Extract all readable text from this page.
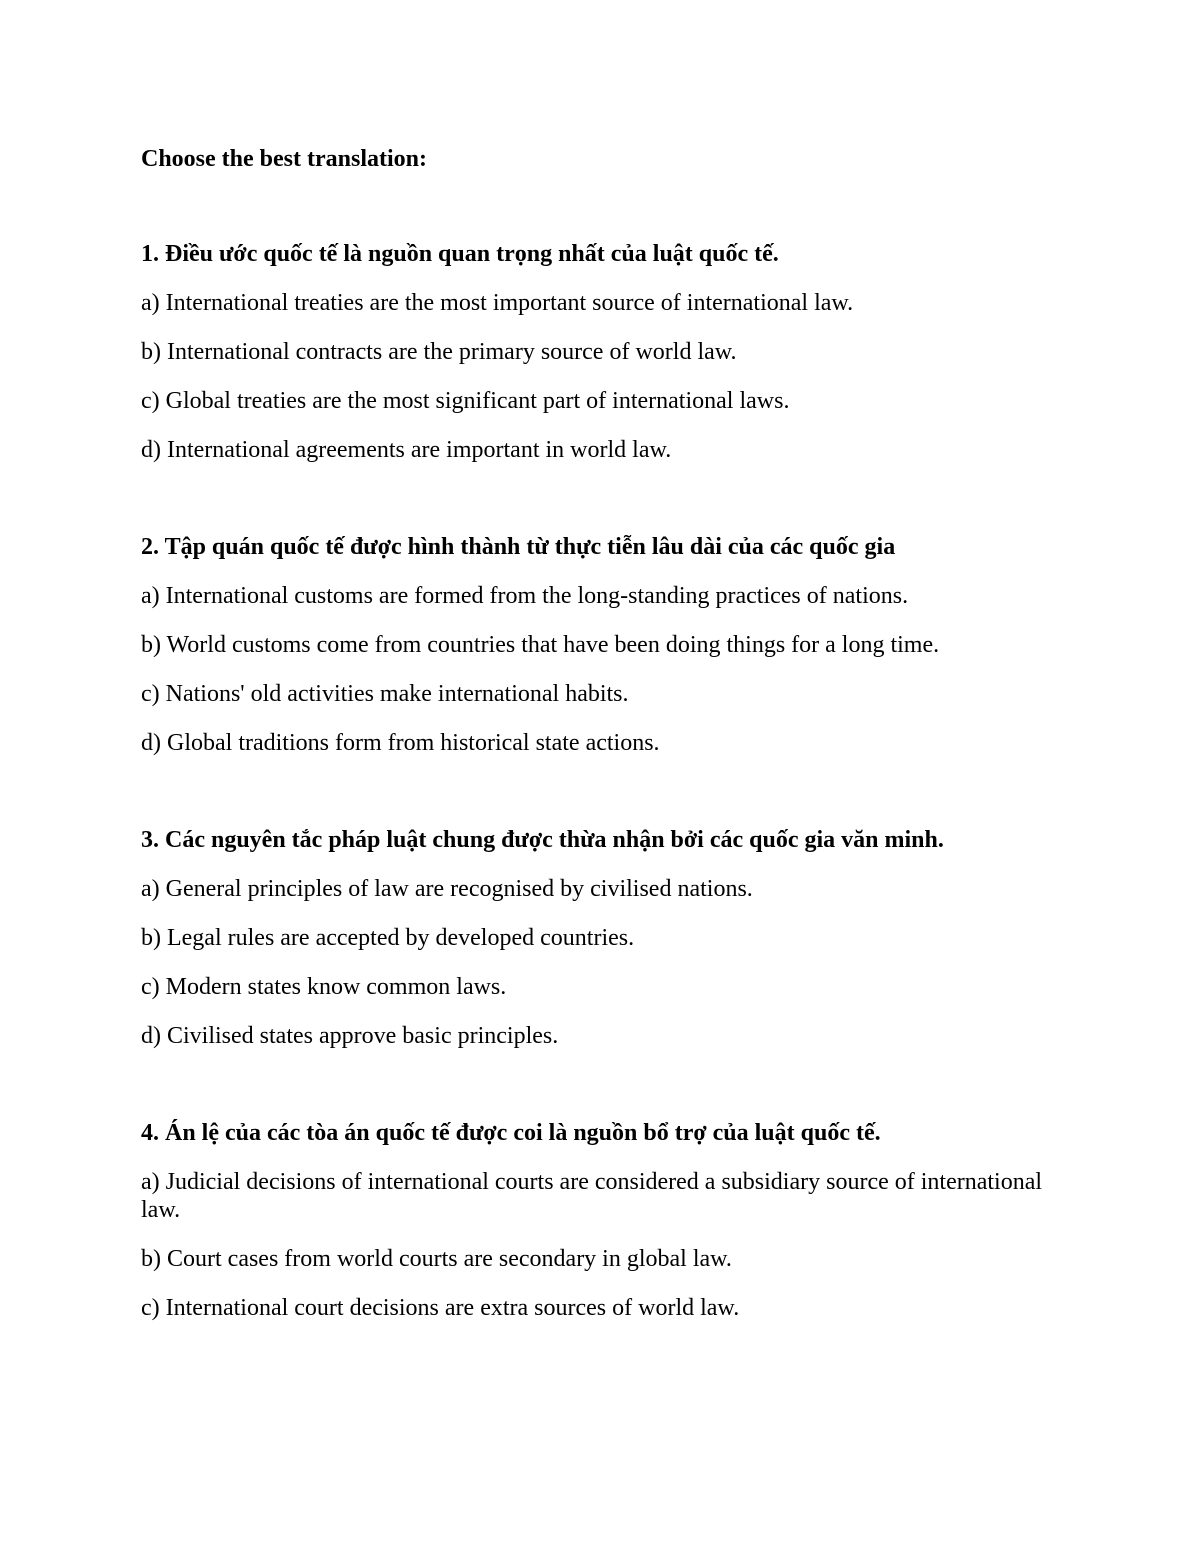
Choose the best translation:

1. Điều ước quốc tế là nguồn quan trọng nhất của luật quốc tế.

a) International treaties are the most important source of international law.
b) International contracts are the primary source of world law.
c) Global treaties are the most significant part of international laws.
d) International agreements are important in world law.

2. Tập quán quốc tế được hình thành từ thực tiễn lâu dài của các quốc gia

a) International customs are formed from the long-standing practices of nations.
b) World customs come from countries that have been doing things for a long time.
c) Nations' old activities make international habits.
d) Global traditions form from historical state actions.

3. Các nguyên tắc pháp luật chung được thừa nhận bởi các quốc gia văn minh.

a) General principles of law are recognised by civilised nations.
b) Legal rules are accepted by developed countries.
c) Modern states know common laws.
d) Civilised states approve basic principles.

4. Án lệ của các tòa án quốc tế được coi là nguồn bổ trợ của luật quốc tế.

a) Judicial decisions of international courts are considered a subsidiary source of international law.
b) Court cases from world courts are secondary in global law.
c) International court decisions are extra sources of world law.
